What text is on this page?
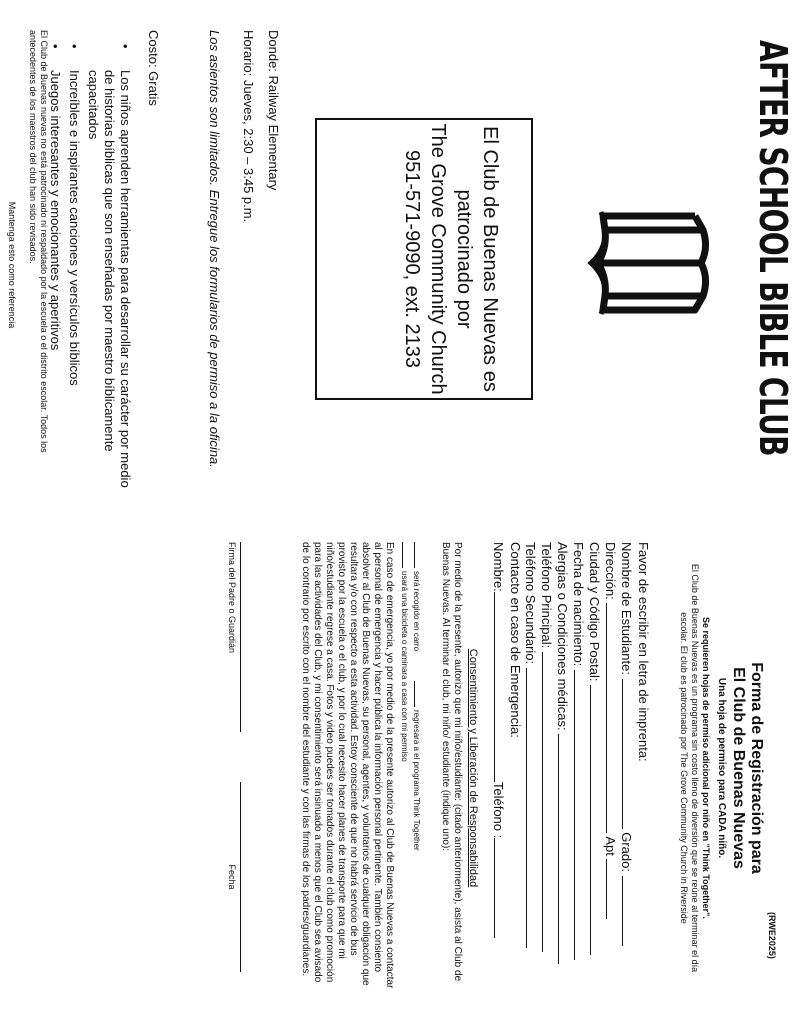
AFTER SCHOOL BIBLE CLUB
El Club de Buenas Nuevas es
patrocinado por
The Grove Community Church
951-571-9090, ext. 2133
Donde: Railway Elementary
Horario: Jueves, 2:30 – 3:45 p.m.
Los asientos son limitados. Entregue los formularios de permiso a la oficina.
Costo: Gratis
•
Los niños aprenden herramientas para desarrollar su carácter por medio de historias bíblicas que son enseñadas por maestro bíblicamente capacitados
•
Increíbles e inspirantes canciones y versículos bíblicos
•
Juegos interesantes y emocionantes y aperitivos
El Club de Buenas nuevas no está patrocinado ni respaldado por la escuela o el distrito escolar. Todos los antecedentes de los maestros del club han sido revisados.
Mantenga esto como referencia
(RWE2025)
Forma de Registración para
El Club de Buenas Nuevas
Una hoja de permiso para CADA niño.
Se requieren hojas de permiso adicional por niño en "Think Together".
El Club de Buenas Nuevas es un programa sin costo lleno de diversión que se reúne al terminar el día escolar. El club es patrocinado por The Grove Community Church in Riverside
Favor de escribir en letra de imprenta:
Nombre de Estudiante:  Grado:
Dirección:  Apt
Ciudad y Código Postal:
Fecha de nacimiento:
Alergias o Condiciones médicas:
Teléfono Principal:
Teléfono Secundario:
Contacto en caso de Emergencia:
Consentimiento y Liberación de Responsabilidad
Nombre:Teléfono :
Por medio de la presente, autorizo que mi niño/estudiante: (citado anteriormente), asista al Club de Buenas Nuevas. Al terminar el club, mi niño/ estudiante (indique uno):
será recogido en carroregresara a el programa Think Together
usará una bicicleta o caminara a casa con mi permiso
En caso de emergencia, yo por medio de la presente autorizo al Club de Buenas Nuevas a contactar al personal de emergencia y hacer pública la información personal pertinente. También consiento absolver al Club de Buenas Nuevas, su personal, agentes, y voluntarios de cualquier obligación que resultara y/o con respecto a esta actividad. Estoy consciente de que no habrá servicio de bus provisto por la escuela o el club, y por lo cual necesito hacer planes de transporte para que mi niño/estudiante regrese a casa. Fotos y video puedes ser tomados durante el club como promoción para las actividades del Club, y mi consentimiento será insinuado a menos que el Club sea avisado de lo contrario por escrito con el nombre del estudiante y con las firmas de los padres/guardianes.
Firma del Padre o Guardián
Fecha
